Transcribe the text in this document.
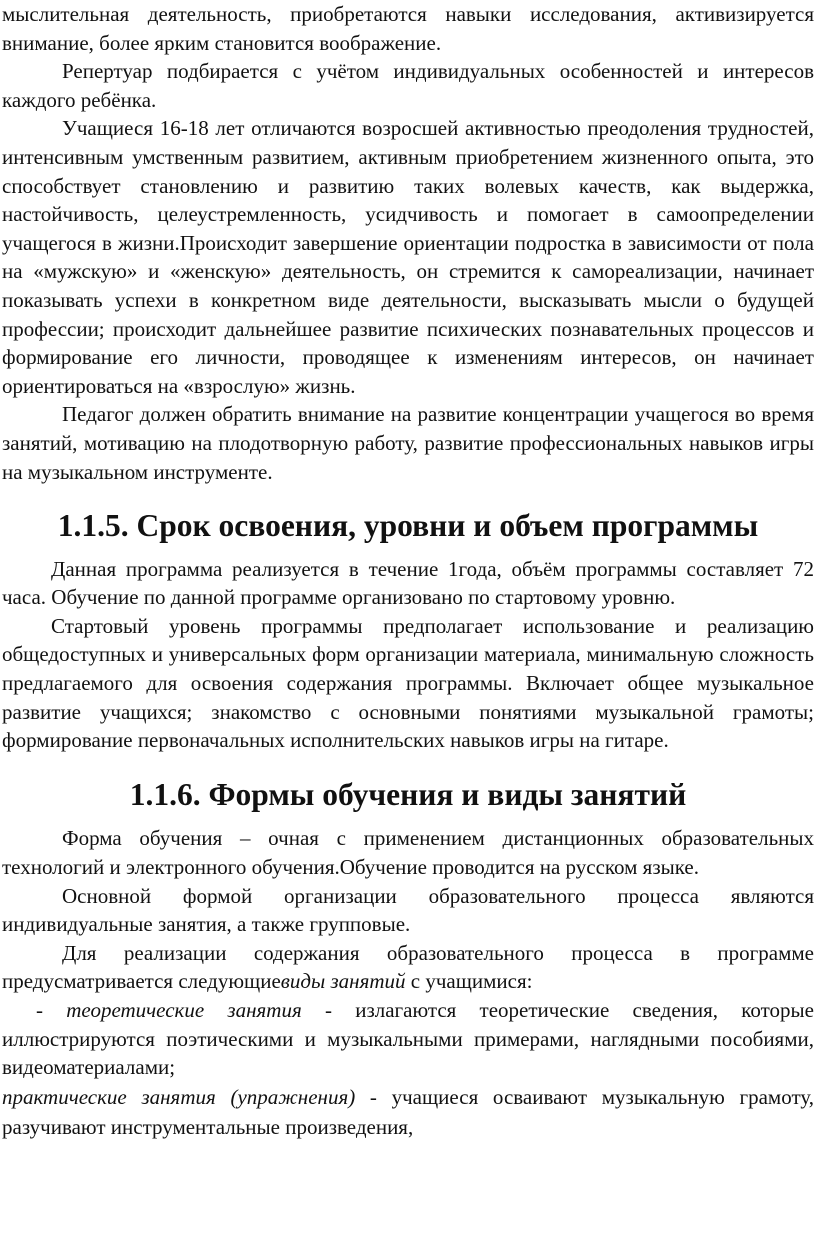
мыслительная деятельность, приобретаются навыки исследования, активизируется внимание, более ярким становится воображение.

Репертуар подбирается с учётом индивидуальных особенностей и интересов каждого ребёнка.

Учащиеся 16-18 лет отличаются возросшей активностью преодоления трудностей, интенсивным умственным развитием, активным приобретением жизненного опыта, это способствует становлению и развитию таких волевых качеств, как выдержка, настойчивость, целеустремленность, усидчивость и помогает в самоопределении учащегося в жизни.Происходит завершение ориентации подростка в зависимости от пола на «мужскую» и «женскую» деятельность, он стремится к самореализации, начинает показывать успехи в конкретном виде деятельности, высказывать мысли о будущей профессии; происходит дальнейшее развитие психических познавательных процессов и формирование его личности, проводящее к изменениям интересов, он начинает ориентироваться на «взрослую» жизнь.

Педагог должен обратить внимание на развитие концентрации учащегося во время занятий, мотивацию на плодотворную работу, развитие профессиональных навыков игры на музыкальном инструменте.

1.1.5. Срок освоения, уровни и объем программы

Данная программа реализуется в течение 1года, объём программы составляет 72 часа. Обучение по данной программе организовано по стартовому уровню.

Стартовый уровень программы предполагает использование и реализацию общедоступных и универсальных форм организации материала, минимальную сложность предлагаемого для освоения содержания программы. Включает общее музыкальное развитие учащихся; знакомство с основными понятиями музыкальной грамоты; формирование первоначальных исполнительских навыков игры на гитаре.

1.1.6. Формы обучения и виды занятий

Форма обучения – очная с применением дистанционных образовательных технологий и электронного обучения.Обучение проводится на русском языке.

Основной формой организации образовательного процесса являются индивидуальные занятия, а также групповые.

Для реализации содержания образовательного процесса в программе предусматривается следующиевиды занятий с учащимися:

- теоретические занятия - излагаются теоретические сведения, которые иллюстрируются поэтическими и музыкальными примерами, наглядными пособиями, видеоматериалами;

практические занятия (упражнения) - учащиеся осваивают музыкальную грамоту, разучивают инструментальные произведения,
